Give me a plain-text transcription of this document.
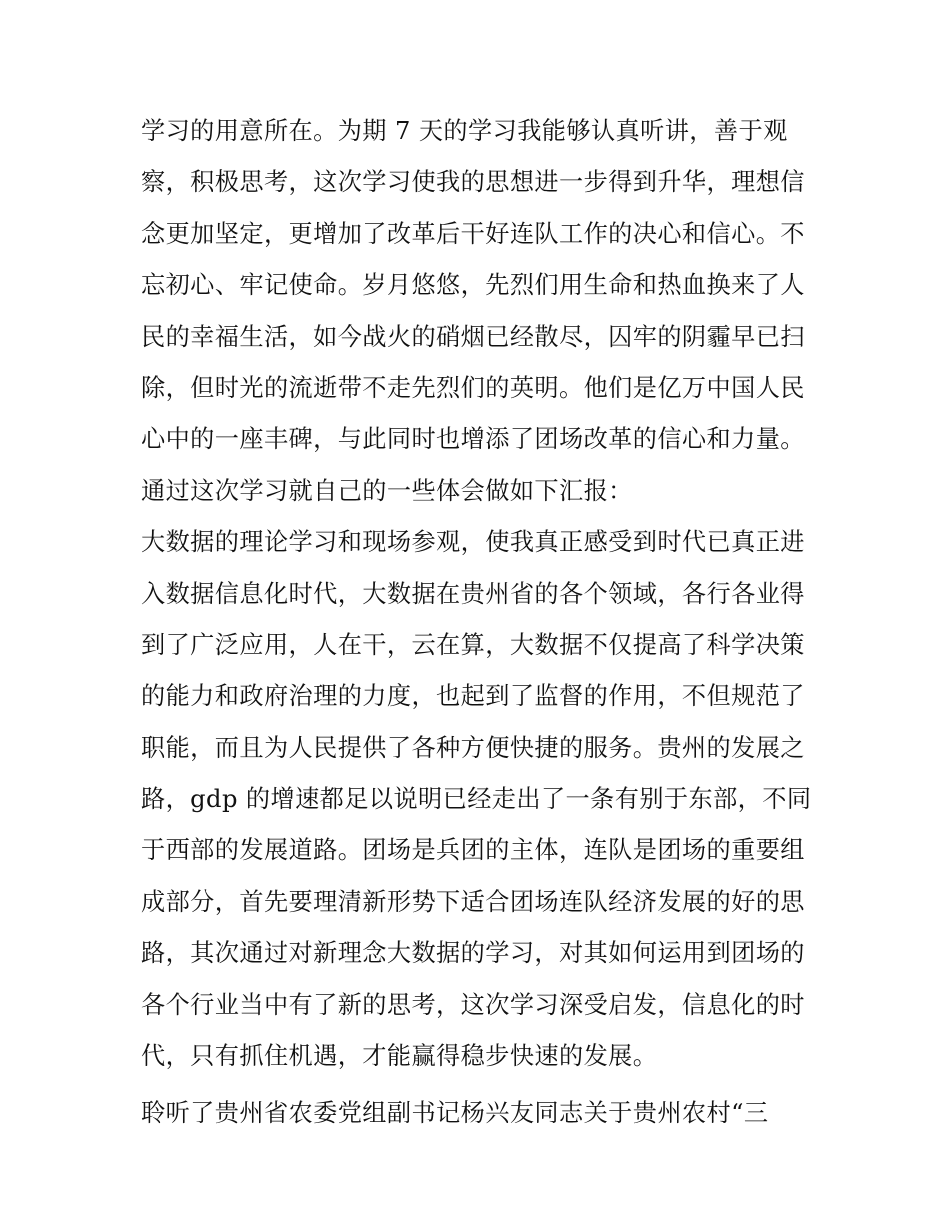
学习的用意所在。为期 7 天的学习我能够认真听讲，善于观
察，积极思考，这次学习使我的思想进一步得到升华，理想信
念更加坚定，更增加了改革后干好连队工作的决心和信心。不
忘初心、牢记使命。岁月悠悠，先烈们用生命和热血换来了人
民的幸福生活，如今战火的硝烟已经散尽，囚牢的阴霾早已扫
除，但时光的流逝带不走先烈们的英明。他们是亿万中国人民
心中的一座丰碑，与此同时也增添了团场改革的信心和力量。
通过这次学习就自己的一些体会做如下汇报：
大数据的理论学习和现场参观，使我真正感受到时代已真正进
入数据信息化时代，大数据在贵州省的各个领域，各行各业得
到了广泛应用，人在干，云在算，大数据不仅提高了科学决策
的能力和政府治理的力度，也起到了监督的作用，不但规范了
职能，而且为人民提供了各种方便快捷的服务。贵州的发展之
路，gdp 的增速都足以说明已经走出了一条有别于东部，不同
于西部的发展道路。团场是兵团的主体，连队是团场的重要组
成部分，首先要理清新形势下适合团场连队经济发展的好的思
路，其次通过对新理念大数据的学习，对其如何运用到团场的
各个行业当中有了新的思考，这次学习深受启发，信息化的时
代，只有抓住机遇，才能赢得稳步快速的发展。
聆听了贵州省农委党组副书记杨兴友同志关于贵州农村“三
